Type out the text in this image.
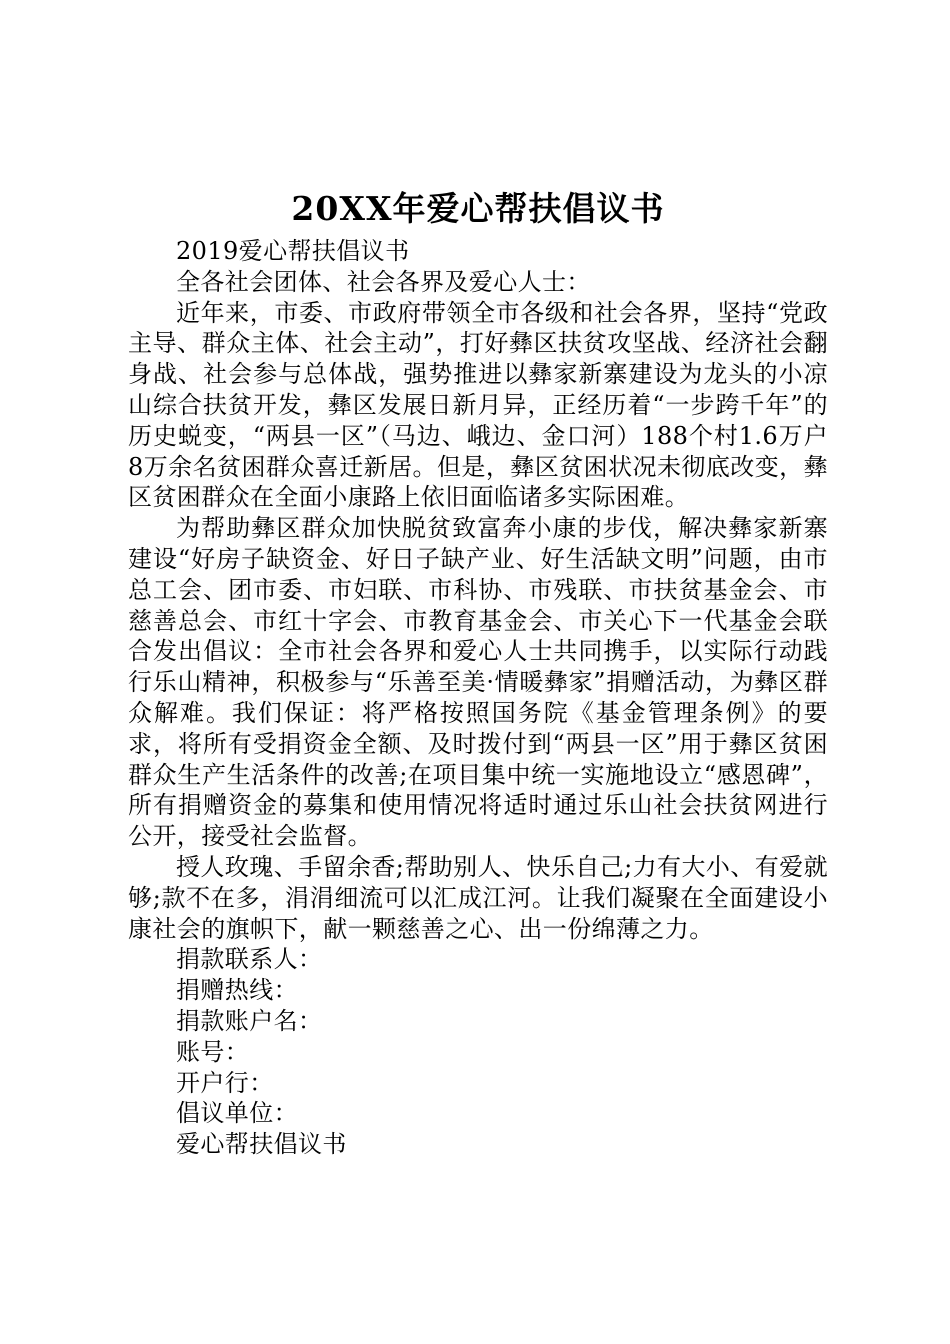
20XX年爱心帮扶倡议书

2019爱心帮扶倡议书

全各社会团体、社会各界及爱心人士：

近年来，市委、市政府带领全市各级和社会各界，坚持“党政主导、群众主体、社会主动”，打好彝区扶贫攻坚战、经济社会翻身战、社会参与总体战，强势推进以彝家新寨建设为龙头的小凉山综合扶贫开发，彝区发展日新月异，正经历着“一步跨千年”的历史蜕变，“两县一区”（马边、峨边、金口河）188个村1.6万户8万余名贫困群众喜迁新居。但是，彝区贫困状况未彻底改变，彝区贫困群众在全面小康路上依旧面临诸多实际困难。

为帮助彝区群众加快脱贫致富奔小康的步伐，解决彝家新寨建设“好房子缺资金、好日子缺产业、好生活缺文明”问题，由市总工会、团市委、市妇联、市科协、市残联、市扶贫基金会、市慈善总会、市红十字会、市教育基金会、市关心下一代基金会联合发出倡议：全市社会各界和爱心人士共同携手，以实际行动践行乐山精神，积极参与“乐善至美·情暖彝家”捐赠活动，为彝区群众解难。我们保证：将严格按照国务院《基金管理条例》的要求，将所有受捐资金全额、及时拨付到“两县一区”用于彝区贫困群众生产生活条件的改善;在项目集中统一实施地设立“感恩碑”，所有捐赠资金的募集和使用情况将适时通过乐山社会扶贫网进行公开，接受社会监督。

授人玫瑰、手留余香;帮助别人、快乐自己;力有大小、有爱就够;款不在多，涓涓细流可以汇成江河。让我们凝聚在全面建设小康社会的旗帜下，献一颗慈善之心、出一份绵薄之力。

捐款联系人：

捐赠热线：

捐款账户名：

账号：

开户行：

倡议单位：

爱心帮扶倡议书
